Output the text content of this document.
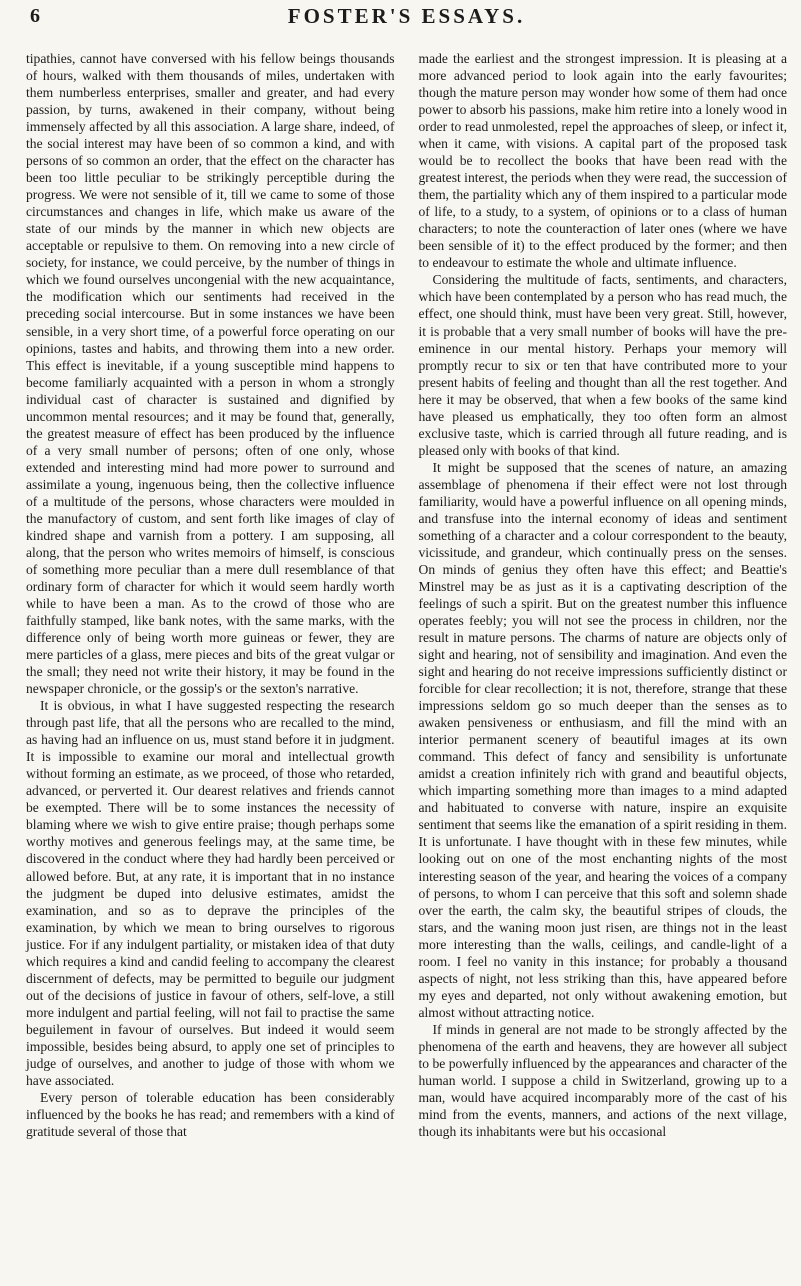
6	FOSTER'S ESSAYS.

tipathies, cannot have conversed with his fellow beings thousands of hours, walked with them thousands of miles, undertaken with them numberless enterprises, smaller and greater, and had every passion, by turns, awakened in their company, without being immensely affected by all this association. A large share, indeed, of the social interest may have been of so common a kind, and with persons of so common an order, that the effect on the character has been too little peculiar to be strikingly perceptible during the progress. We were not sensible of it, till we came to some of those circumstances and changes in life, which make us aware of the state of our minds by the manner in which new objects are acceptable or repulsive to them. On removing into a new circle of society, for instance, we could perceive, by the number of things in which we found ourselves uncongenial with the new acquaintance, the modification which our sentiments had received in the preceding social intercourse. But in some instances we have been sensible, in a very short time, of a powerful force operating on our opinions, tastes and habits, and throwing them into a new order. This effect is inevitable, if a young susceptible mind happens to become familiarly acquainted with a person in whom a strongly individual cast of character is sustained and dignified by uncommon mental resources; and it may be found that, generally, the greatest measure of effect has been produced by the influence of a very small number of persons; often of one only, whose extended and interesting mind had more power to surround and assimilate a young, ingenuous being, then the collective influence of a multitude of the persons, whose characters were moulded in the manufactory of custom, and sent forth like images of clay of kindred shape and varnish from a pottery. I am supposing, all along, that the person who writes memoirs of himself, is conscious of something more peculiar than a mere dull resemblance of that ordinary form of character for which it would seem hardly worth while to have been a man. As to the crowd of those who are faithfully stamped, like bank notes, with the same marks, with the difference only of being worth more guineas or fewer, they are mere particles of a glass, mere pieces and bits of the great vulgar or the small; they need not write their history, it may be found in the newspaper chronicle, or the gossip's or the sexton's narrative.

It is obvious, in what I have suggested respecting the research through past life, that all the persons who are recalled to the mind, as having had an influence on us, must stand before it in judgment. It is impossible to examine our moral and intellectual growth without forming an estimate, as we proceed, of those who retarded, advanced, or perverted it. Our dearest relatives and friends cannot be exempted. There will be to some instances the necessity of blaming where we wish to give entire praise; though perhaps some worthy motives and generous feelings may, at the same time, be discovered in the conduct where they had hardly been perceived or allowed before. But, at any rate, it is important that in no instance the judgment be duped into delusive estimates, amidst the examination, and so as to deprave the principles of the examination, by which we mean to bring ourselves to rigorous justice. For if any indulgent partiality, or mistaken idea of that duty which requires a kind and candid feeling to accompany the clearest discernment of defects, may be permitted to beguile our judgment out of the decisions of justice in favour of others, self-love, a still more indulgent and partial feeling, will not fail to practise the same beguilement in favour of ourselves. But indeed it would seem impossible, besides being absurd, to apply one set of principles to judge of ourselves, and another to judge of those with whom we have associated.

Every person of tolerable education has been considerably influenced by the books he has read; and remembers with a kind of gratitude several of those that

made the earliest and the strongest impression. It is pleasing at a more advanced period to look again into the early favourites; though the mature person may wonder how some of them had once power to absorb his passions, make him retire into a lonely wood in order to read unmolested, repel the approaches of sleep, or infect it, when it came, with visions. A capital part of the proposed task would be to recollect the books that have been read with the greatest interest, the periods when they were read, the succession of them, the partiality which any of them inspired to a particular mode of life, to a study, to a system, of opinions or to a class of human characters; to note the counteraction of later ones (where we have been sensible of it) to the effect produced by the former; and then to endeavour to estimate the whole and ultimate influence.

Considering the multitude of facts, sentiments, and characters, which have been contemplated by a person who has read much, the effect, one should think, must have been very great. Still, however, it is probable that a very small number of books will have the pre-eminence in our mental history. Perhaps your memory will promptly recur to six or ten that have contributed more to your present habits of feeling and thought than all the rest together. And here it may be observed, that when a few books of the same kind have pleased us emphatically, they too often form an almost exclusive taste, which is carried through all future reading, and is pleased only with books of that kind.

It might be supposed that the scenes of nature, an amazing assemblage of phenomena if their effect were not lost through familiarity, would have a powerful influence on all opening minds, and transfuse into the internal economy of ideas and sentiment something of a character and a colour correspondent to the beauty, vicissitude, and grandeur, which continually press on the senses. On minds of genius they often have this effect; and Beattie's Minstrel may be as just as it is a captivating description of the feelings of such a spirit. But on the greatest number this influence operates feebly; you will not see the process in children, nor the result in mature persons. The charms of nature are objects only of sight and hearing, not of sensibility and imagination. And even the sight and hearing do not receive impressions sufficiently distinct or forcible for clear recollection; it is not, therefore, strange that these impressions seldom go so much deeper than the senses as to awaken pensiveness or enthusiasm, and fill the mind with an interior permanent scenery of beautiful images at its own command. This defect of fancy and sensibility is unfortunate amidst a creation infinitely rich with grand and beautiful objects, which imparting something more than images to a mind adapted and habituated to converse with nature, inspire an exquisite sentiment that seems like the emanation of a spirit residing in them. It is unfortunate. I have thought with in these few minutes, while looking out on one of the most enchanting nights of the most interesting season of the year, and hearing the voices of a company of persons, to whom I can perceive that this soft and solemn shade over the earth, the calm sky, the beautiful stripes of clouds, the stars, and the waning moon just risen, are things not in the least more interesting than the walls, ceilings, and candle-light of a room. I feel no vanity in this instance; for probably a thousand aspects of night, not less striking than this, have appeared before my eyes and departed, not only without awakening emotion, but almost without attracting notice.

If minds in general are not made to be strongly affected by the phenomena of the earth and heavens, they are however all subject to be powerfully influenced by the appearances and character of the human world. I suppose a child in Switzerland, growing up to a man, would have acquired incomparably more of the cast of his mind from the events, manners, and actions of the next village, though its inhabitants were but his occasional
